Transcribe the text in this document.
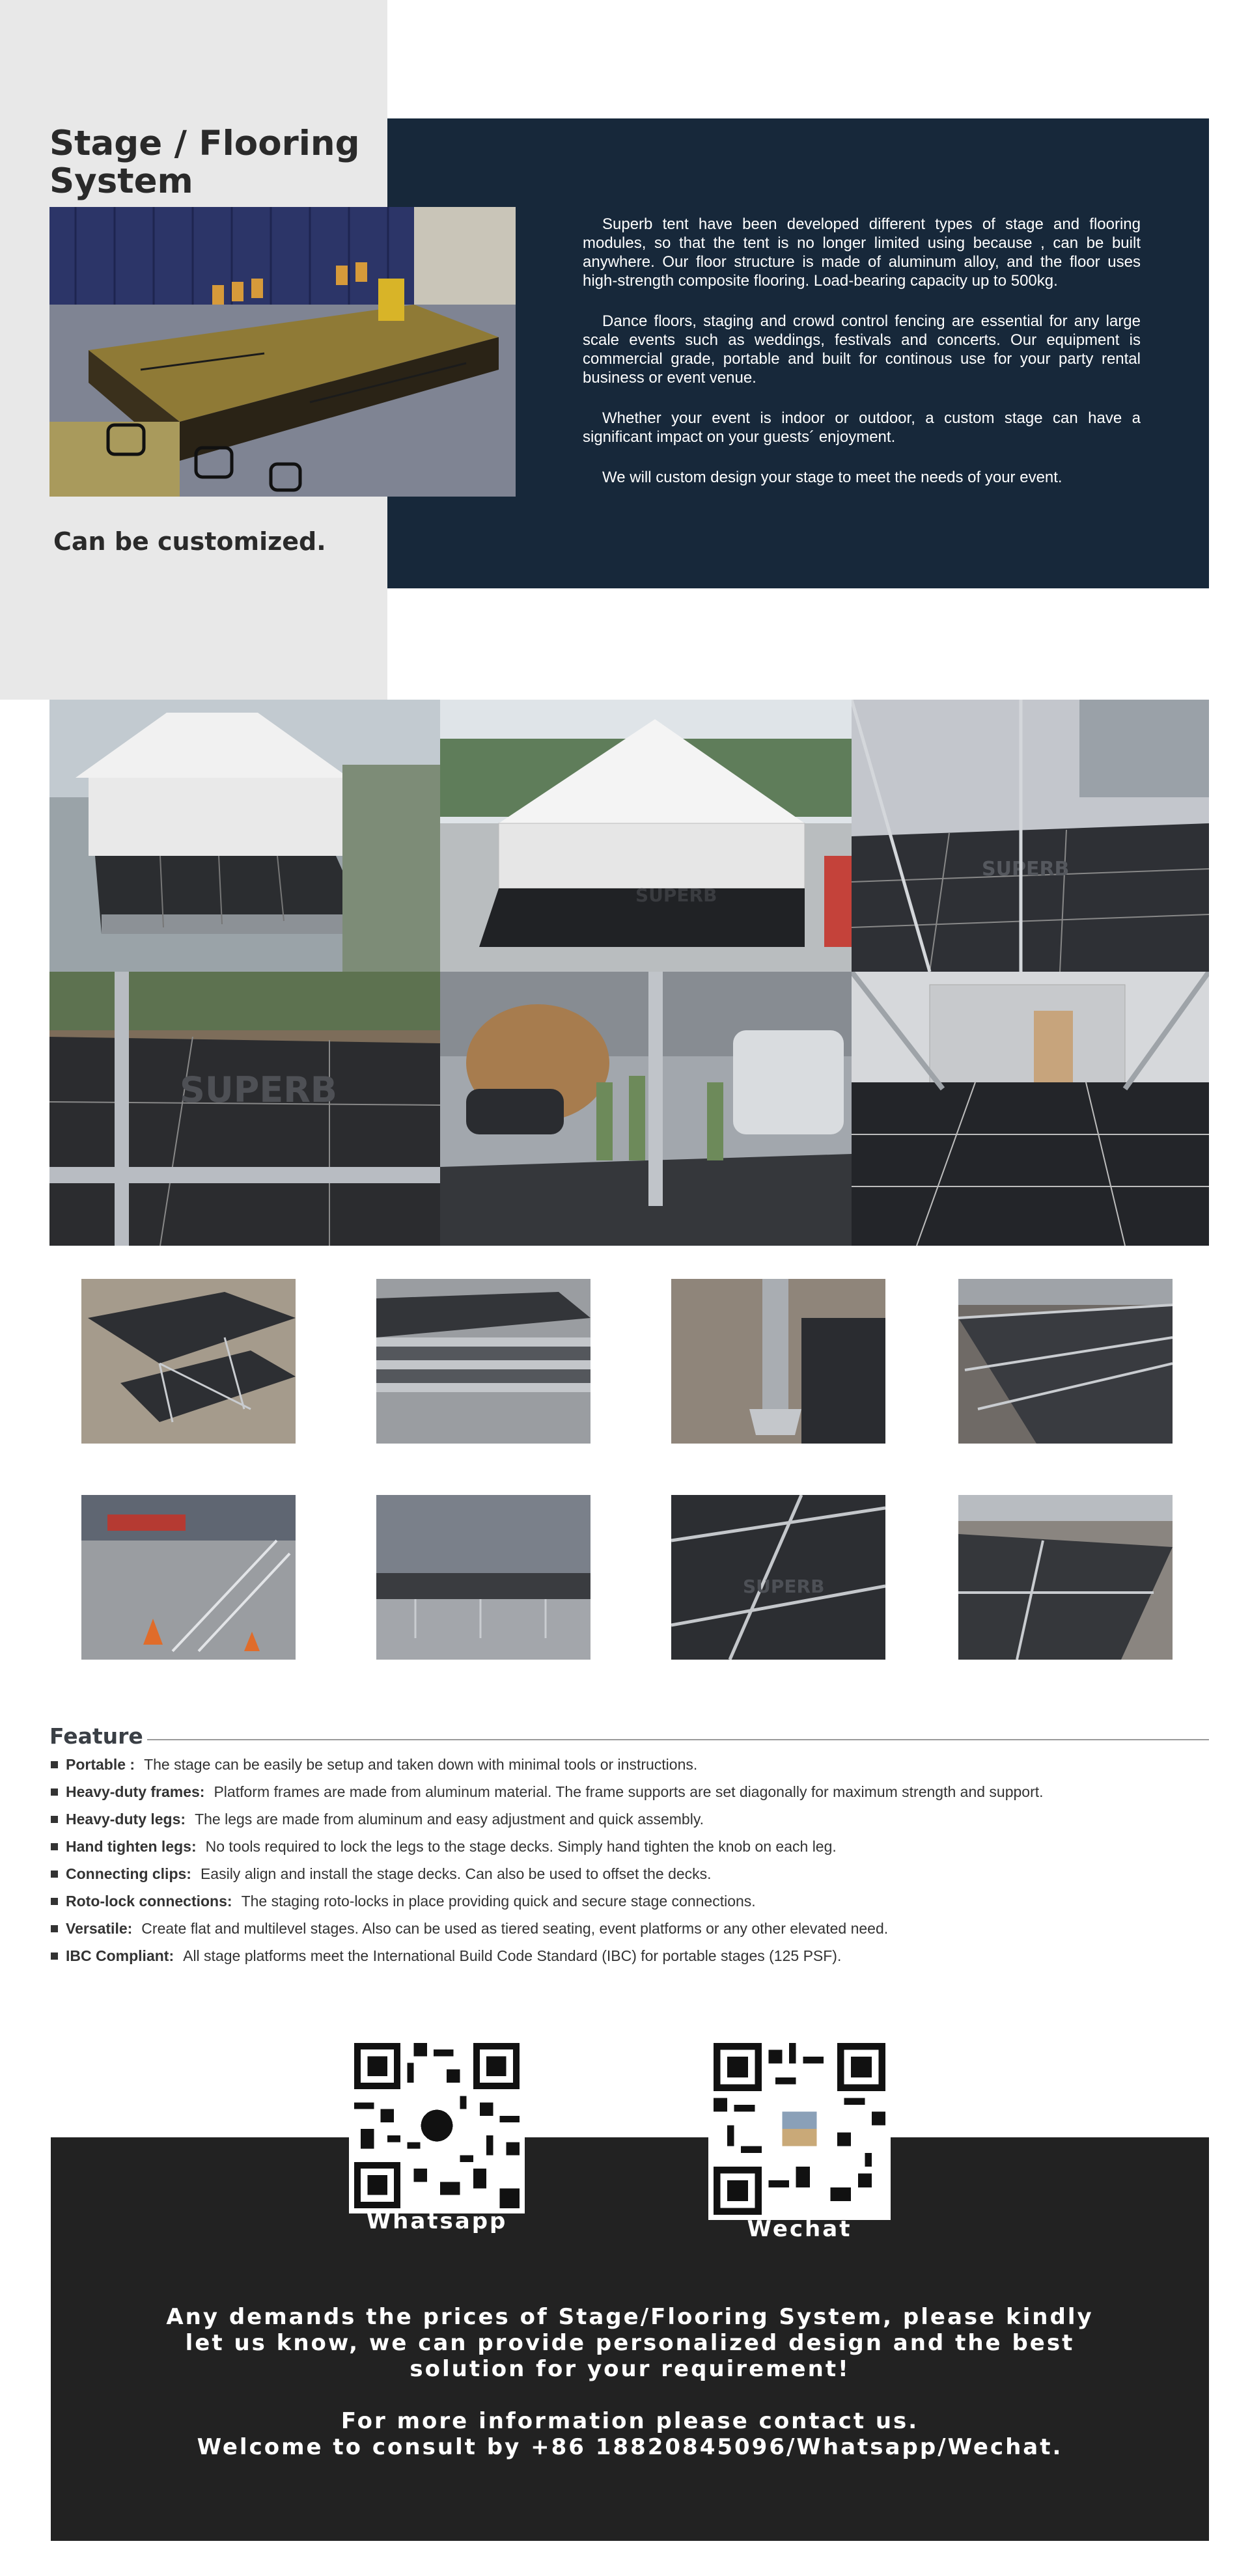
Stage / Flooring System
Can be customized.

Superb tent have been developed different types of stage and flooring modules, so that the tent is no longer limited using because , can be built anywhere. Our floor structure is made of aluminum alloy, and the floor uses high-strength composite flooring. Load-bearing capacity up to 500kg.

Dance floors, staging and crowd control fencing are essential for any large scale events such as weddings, festivals and concerts. Our equipment is commercial grade, portable and built for continous use for your party rental business or event venue.

Whether your event is indoor or outdoor, a custom stage can have a significant impact on your guests´ enjoyment.

We will custom design your stage to meet the needs of your event.

SUPERB
SUPERB
SUPERB
SUPERB
Feature
Portable : The stage can be easily be setup and taken down with minimal tools or instructions.
Heavy-duty frames: Platform frames are made from aluminum material. The frame supports are set diagonally for maximum strength and support.
Heavy-duty legs: The legs are made from aluminum and easy adjustment and quick assembly.
Hand tighten legs: No tools required to lock the legs to the stage decks. Simply hand tighten the knob on each leg.
Connecting clips: Easily align and install the stage decks. Can also be used to offset the decks.
Roto-lock connections: The staging roto-locks in place providing quick and secure stage connections.
Versatile: Create flat and multilevel stages. Also can be used as tiered seating, event platforms or any other elevated need.
IBC Compliant: All stage platforms meet the International Build Code Standard (IBC) for portable stages (125 PSF).
Whatsapp	Wechat
Any demands the prices of Stage/Flooring System, please kindly
let us know, we can provide personalized design and the best
solution for your requirement!
For more information please contact us.
Welcome to consult by +86 18820845096/Whatsapp/Wechat.
